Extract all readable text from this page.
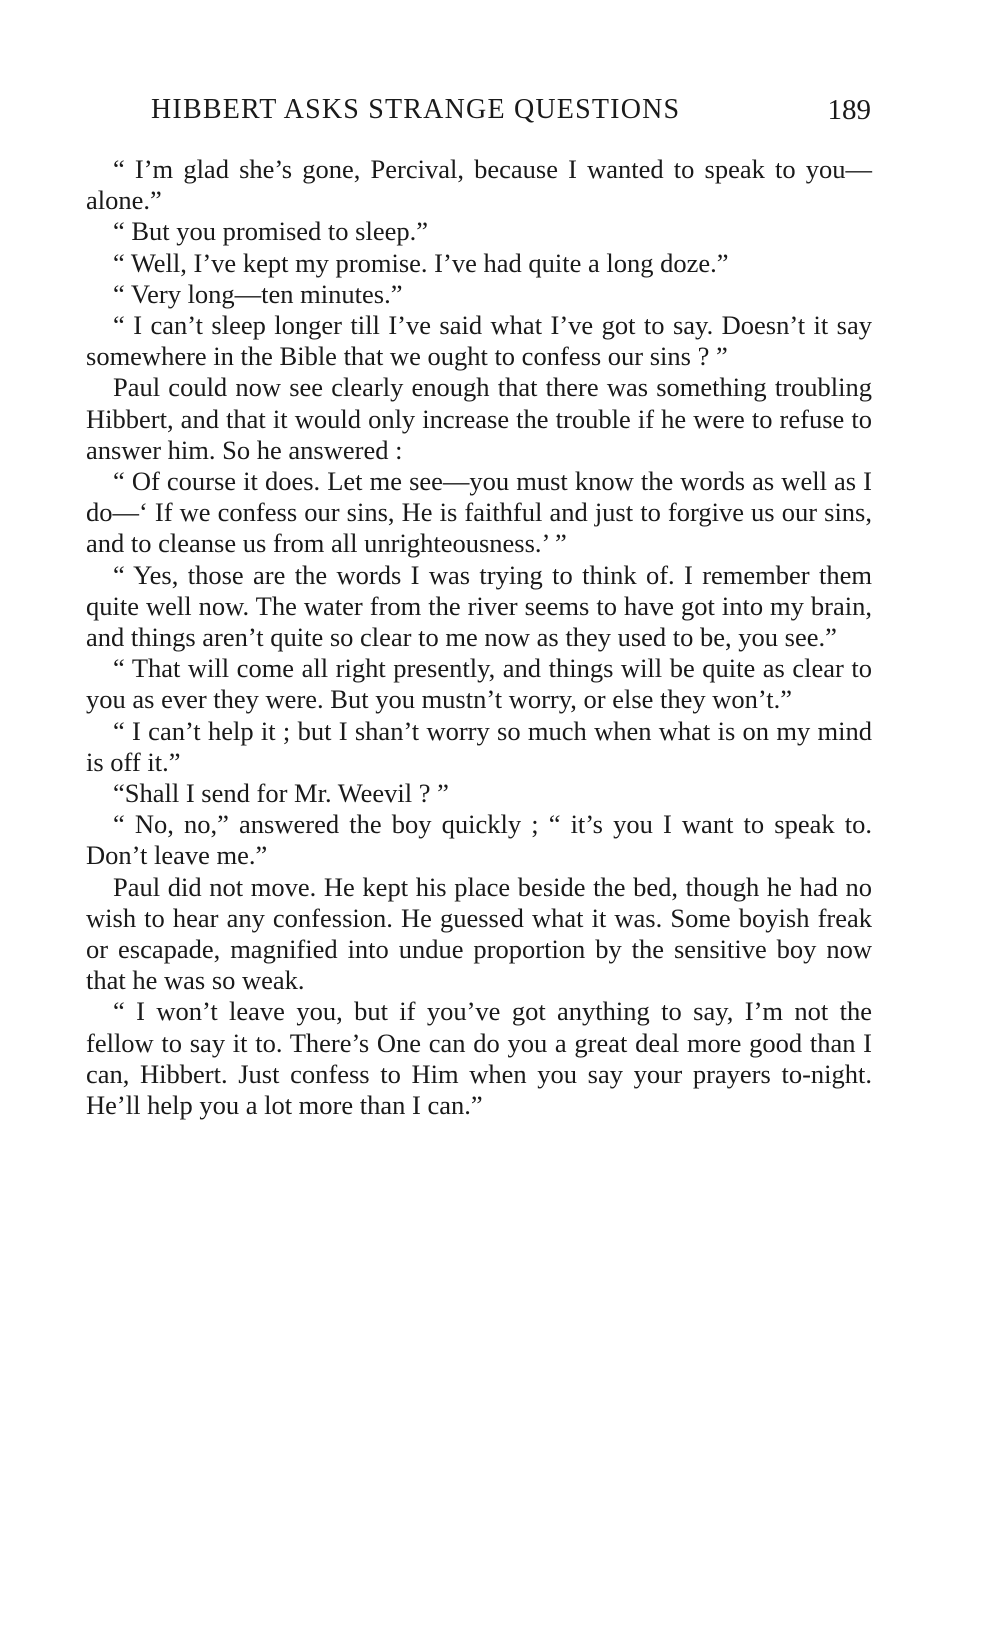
HIBBERT ASKS STRANGE QUESTIONS	189

“ I’m glad she’s gone, Percival, because I wanted to speak to you—alone.”

“ But you promised to sleep.”

“ Well, I’ve kept my promise. I’ve had quite a long doze.”

“ Very long—ten minutes.”

“ I can’t sleep longer till I’ve said what I’ve got to say. Doesn’t it say somewhere in the Bible that we ought to confess our sins ? ”

Paul could now see clearly enough that there was something troubling Hibbert, and that it would only increase the trouble if he were to refuse to answer him. So he answered :

“ Of course it does. Let me see—you must know the words as well as I do—‘ If we confess our sins, He is faithful and just to forgive us our sins, and to cleanse us from all unrighteousness.’ ”

“ Yes, those are the words I was trying to think of. I remember them quite well now. The water from the river seems to have got into my brain, and things aren’t quite so clear to me now as they used to be, you see.”

“ That will come all right presently, and things will be quite as clear to you as ever they were. But you mustn’t worry, or else they won’t.”

“ I can’t help it ; but I shan’t worry so much when what is on my mind is off it.”

“Shall I send for Mr. Weevil ? ”

“ No, no,” answered the boy quickly ; “ it’s you I want to speak to. Don’t leave me.”

Paul did not move. He kept his place beside the bed, though he had no wish to hear any confession. He guessed what it was. Some boyish freak or escapade, magnified into undue proportion by the sensitive boy now that he was so weak.

“ I won’t leave you, but if you’ve got anything to say, I’m not the fellow to say it to. There’s One can do you a great deal more good than I can, Hibbert. Just confess to Him when you say your prayers to-night. He’ll help you a lot more than I can.”
